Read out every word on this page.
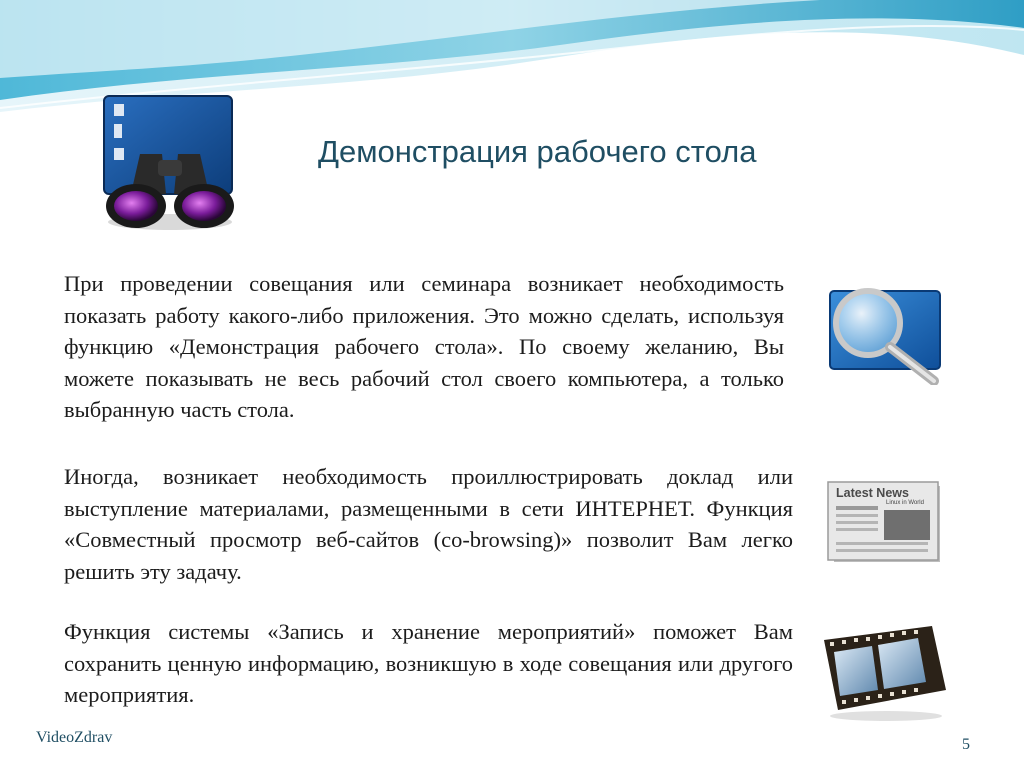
Демонстрация рабочего стола

При проведении совещания или семинара возникает необходимость показать работу какого-либо приложения. Это можно сделать, используя функцию «Демонстрация рабочего стола». По своему желанию, Вы можете показывать не весь рабочий стол своего компьютера, а только выбранную часть стола.

Иногда, возникает необходимость проиллюстрировать доклад или выступление материалами, размещенными в сети ИНТЕРНЕТ. Функция «Совместный просмотр веб-сайтов (co-browsing)» позволит Вам легко решить эту задачу.

Функция системы «Запись и хранение мероприятий» поможет Вам сохранить ценную информацию, возникшую в ходе совещания или другого мероприятия.

Latest News
Linux in World
VideoZdrav	5
